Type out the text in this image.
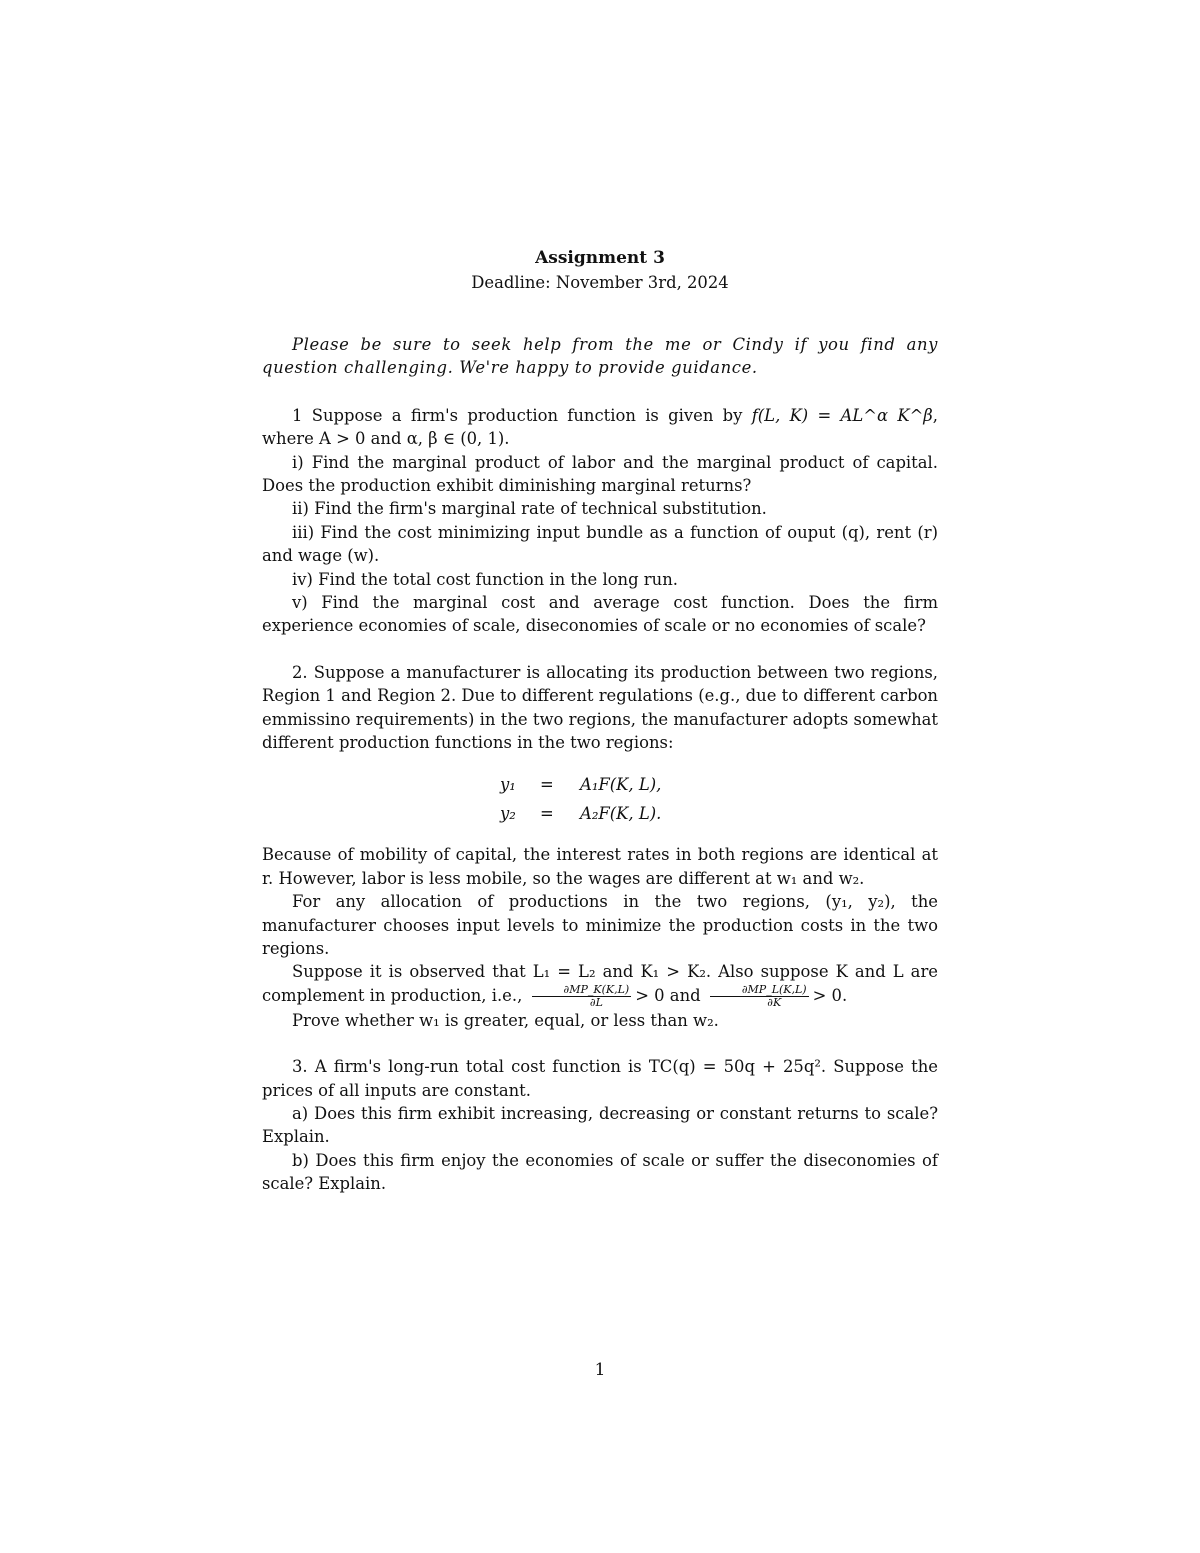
Assignment 3

Deadline: November 3rd, 2024

Please be sure to seek help from the me or Cindy if you find any question challenging. We're happy to provide guidance.

1 Suppose a firm's production function is given by f(L, K) = AL^α K^β, where A > 0 and α, β ∈ (0, 1).

i) Find the marginal product of labor and the marginal product of capital. Does the production exhibit diminishing marginal returns?

ii) Find the firm's marginal rate of technical substitution.

iii) Find the cost minimizing input bundle as a function of ouput (q), rent (r) and wage (w).

iv) Find the total cost function in the long run.

v) Find the marginal cost and average cost function. Does the firm experience economies of scale, diseconomies of scale or no economies of scale?

2. Suppose a manufacturer is allocating its production between two regions, Region 1 and Region 2. Due to different regulations (e.g., due to different carbon emmissino requirements) in the two regions, the manufacturer adopts somewhat different production functions in the two regions:

y₁	=	A₁F(K, L),
y₂	=	A₂F(K, L).

Because of mobility of capital, the interest rates in both regions are identical at r. However, labor is less mobile, so the wages are different at w₁ and w₂.

For any allocation of productions in the two regions, (y₁, y₂), the manufacturer chooses input levels to minimize the production costs in the two regions.

Suppose it is observed that L₁ = L₂ and K₁ > K₂. Also suppose K and L are complement in production, i.e., $\frac{\partial MP\_K(K,L)}{\partial L} > 0$ and $\frac{\partial MP\_L(K,L)}{\partial K} > 0$.

Prove whether w₁ is greater, equal, or less than w₂.

3. A firm's long-run total cost function is TC(q) = 50q + 25q². Suppose the prices of all inputs are constant.

a) Does this firm exhibit increasing, decreasing or constant returns to scale? Explain.

b) Does this firm enjoy the economies of scale or suffer the diseconomies of scale? Explain.

1
